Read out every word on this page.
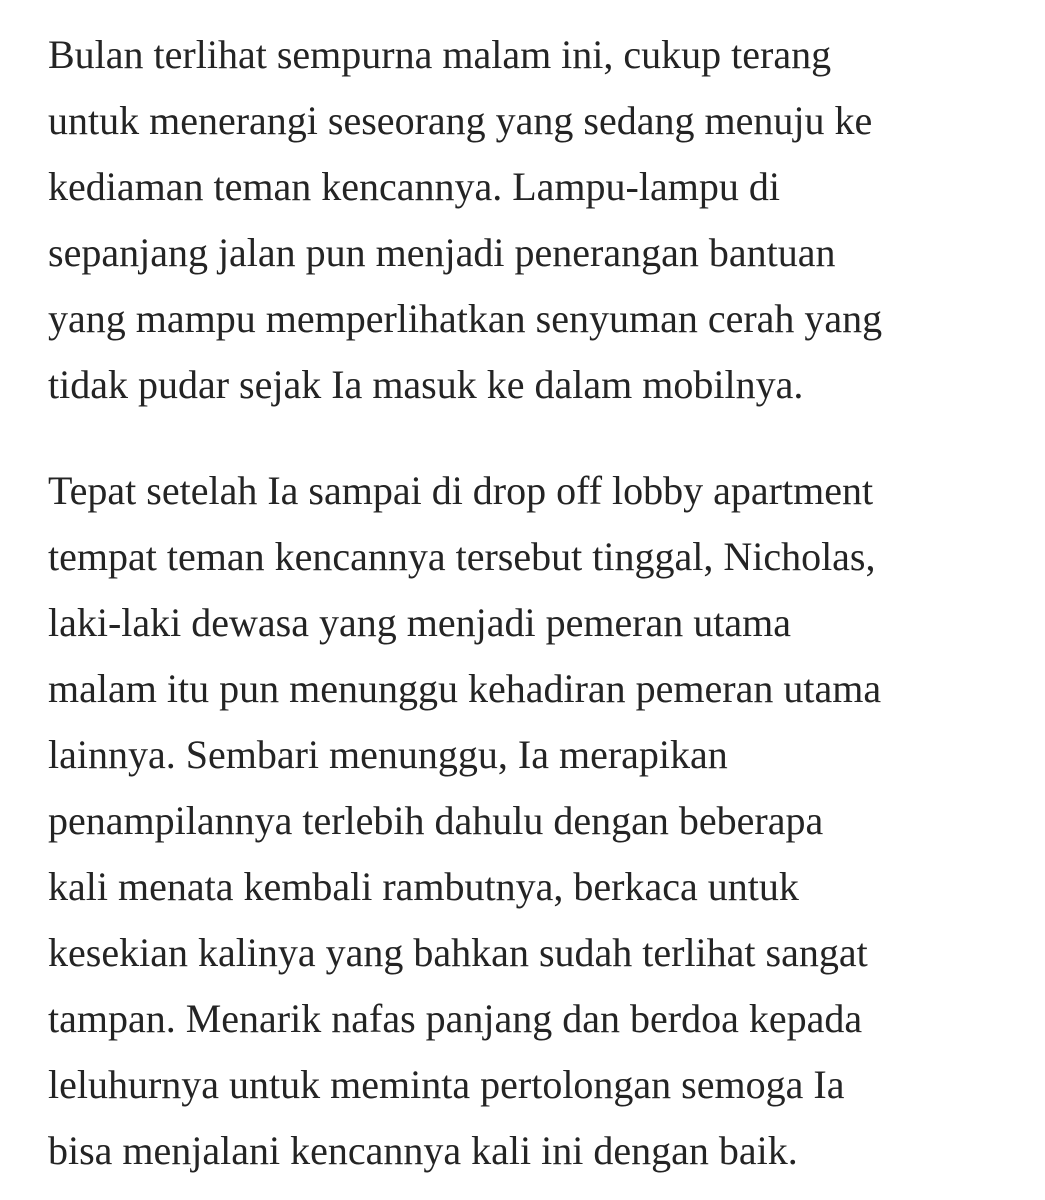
Bulan terlihat sempurna malam ini, cukup terang
untuk menerangi seseorang yang sedang menuju ke
kediaman teman kencannya. Lampu-lampu di
sepanjang jalan pun menjadi penerangan bantuan
yang mampu memperlihatkan senyuman cerah yang
tidak pudar sejak Ia masuk ke dalam mobilnya.

Tepat setelah Ia sampai di drop off lobby apartment
tempat teman kencannya tersebut tinggal, Nicholas,
laki-laki dewasa yang menjadi pemeran utama
malam itu pun menunggu kehadiran pemeran utama
lainnya. Sembari menunggu, Ia merapikan
penampilannya terlebih dahulu dengan beberapa
kali menata kembali rambutnya, berkaca untuk
kesekian kalinya yang bahkan sudah terlihat sangat
tampan. Menarik nafas panjang dan berdoa kepada
leluhurnya untuk meminta pertolongan semoga Ia
bisa menjalani kencannya kali ini dengan baik.
